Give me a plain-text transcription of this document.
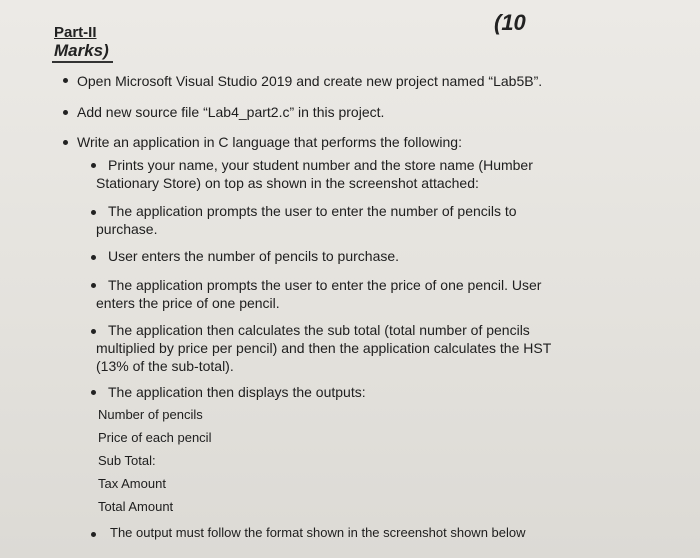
(10
Part-II
Marks)
Open Microsoft Visual Studio 2019 and create new project named “Lab5B”.
Add new source file “Lab4_part2.c” in this project.
Write an application in C language that performs the following:
Prints your name, your student number and the store name (Humber
Stationary Store) on top as shown in the screenshot attached:
The application prompts the user to enter the number of pencils to
purchase.
User enters the number of pencils to purchase.
The application prompts the user to enter the price of one pencil. User
enters the price of one pencil.
The application then calculates the sub total (total number of pencils
multiplied by price per pencil) and then the application calculates the HST
(13% of the sub-total).
The application then displays the outputs:
Number of pencils
Price of each pencil
Sub Total:
Tax Amount
Total Amount
The output must follow the format shown in the screenshot shown below
